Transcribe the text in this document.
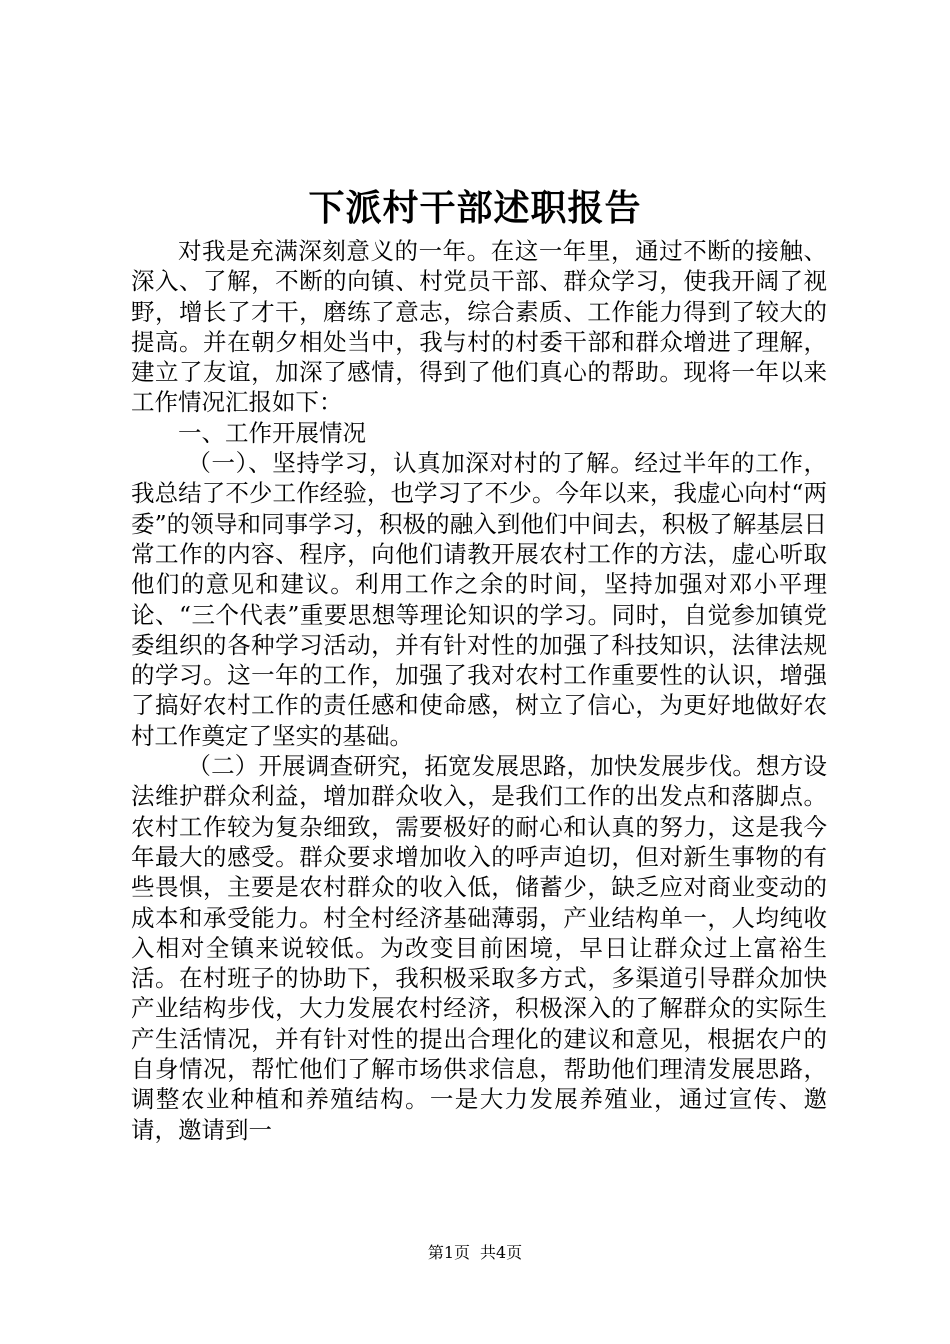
下派村干部述职报告

对我是充满深刻意义的一年。在这一年里，通过不断的接触、深入、了解，不断的向镇、村党员干部、群众学习，使我开阔了视野，增长了才干，磨练了意志，综合素质、工作能力得到了较大的提高。并在朝夕相处当中，我与村的村委干部和群众增进了理解，建立了友谊，加深了感情，得到了他们真心的帮助。现将一年以来工作情况汇报如下：

一、工作开展情况

（一）、坚持学习，认真加深对村的了解。经过半年的工作，我总结了不少工作经验，也学习了不少。今年以来，我虚心向村“两委”的领导和同事学习，积极的融入到他们中间去，积极了解基层日常工作的内容、程序，向他们请教开展农村工作的方法，虚心听取他们的意见和建议。利用工作之余的时间，坚持加强对邓小平理论、“三个代表”重要思想等理论知识的学习。同时，自觉参加镇党委组织的各种学习活动，并有针对性的加强了科技知识，法律法规的学习。这一年的工作，加强了我对农村工作重要性的认识，增强了搞好农村工作的责任感和使命感，树立了信心，为更好地做好农村工作奠定了坚实的基础。

（二）开展调查研究，拓宽发展思路，加快发展步伐。想方设法维护群众利益，增加群众收入，是我们工作的出发点和落脚点。农村工作较为复杂细致，需要极好的耐心和认真的努力，这是我今年最大的感受。群众要求增加收入的呼声迫切，但对新生事物的有些畏惧，主要是农村群众的收入低，储蓄少，缺乏应对商业变动的成本和承受能力。村全村经济基础薄弱，产业结构单一，人均纯收入相对全镇来说较低。为改变目前困境，早日让群众过上富裕生活。在村班子的协助下，我积极采取多方式，多渠道引导群众加快产业结构步伐，大力发展农村经济，积极深入的了解群众的实际生产生活情况，并有针对性的提出合理化的建议和意见，根据农户的自身情况，帮忙他们了解市场供求信息，帮助他们理清发展思路，调整农业种植和养殖结构。一是大力发展养殖业，通过宣传、邀请，邀请到一

第1页 共4页
